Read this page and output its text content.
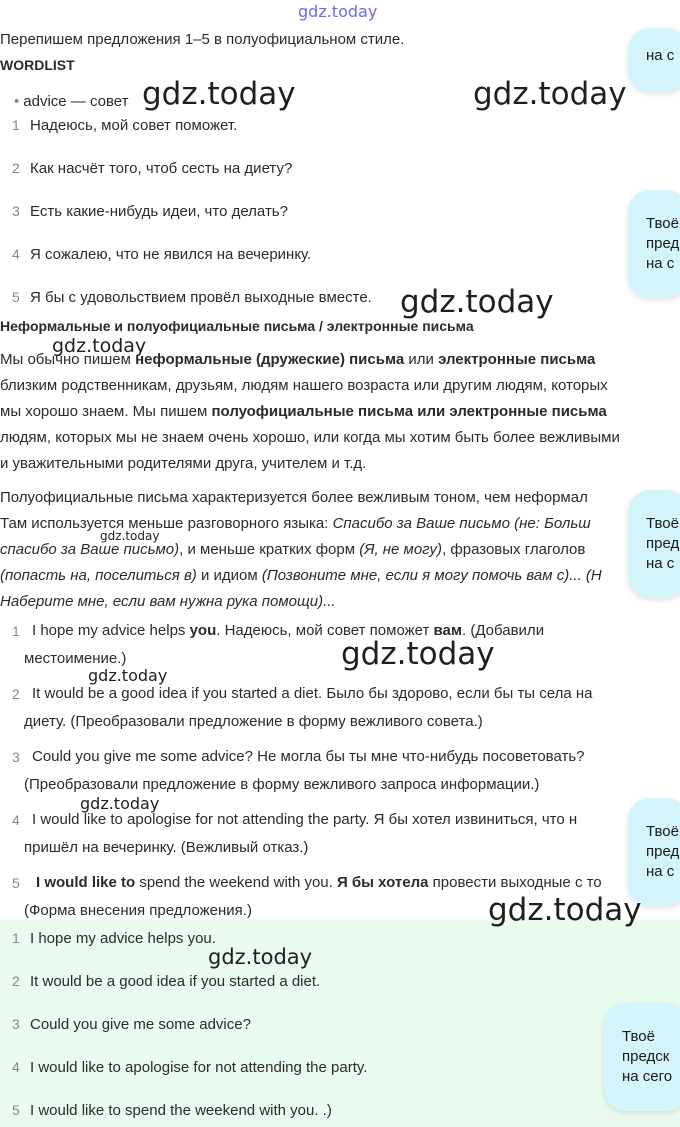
gdz.today
Перепишем предложения 1–5 в полуофициальном стиле.
WORDLIST
• advice — совет
1 Надеюсь, мой совет поможет.
2 Как насчёт того, чтоб сесть на диету?
3 Есть какие-нибудь идеи, что делать?
4 Я сожалею, что не явился на вечеринку.
5 Я бы с удовольствием провёл выходные вместе.
Неформальные и полуофициальные письма / электронные письма
Мы обычно пишем неформальные (дружеские) письма или электронные письма
близким родственникам, друзьям, людям нашего возраста или другим людям, которых
мы хорошо знаем. Мы пишем полуофициальные письма или электронные письма
людям, которых мы не знаем очень хорошо, или когда мы хотим быть более вежливыми
и уважительными родителями друга, учителем и т.д.
Полуофициальные письма характеризуется более вежливым тоном, чем неформал
Там используется меньше разговорного языка: Спасибо за Ваше письмо (не: Больш
спасибо за Ваше письмо), и меньше кратких форм (Я, не могу), фразовых глаголов
(попасть на, поселиться в) и идиом (Позвоните мне, если я могу помочь вам с)... (Н
Наберите мне, если вам нужна рука помощи)...
1 I hope my advice helps you. Надеюсь, мой совет поможет вам. (Добавили
местоимение.)
2 It would be a good idea if you started a diet. Было бы здорово, если бы ты села на
диету. (Преобразовали предложение в форму вежливого совета.)
3 Could you give me some advice? Не могла бы ты мне что-нибудь посоветовать?
(Преобразовали предложение в форму вежливого запроса информации.)
4 I would like to apologise for not attending the party. Я бы хотел извиниться, что н
пришёл на вечеринку. (Вежливый отказ.)
5 I would like to spend the weekend with you. Я бы хотела провести выходные с то
(Форма внесения предложения.)
1 I hope my advice helps you.
2 It would be a good idea if you started a diet.
3 Could you give me some advice?
4 I would like to apologise for not attending the party.
5 I would like to spend the weekend with you. .)
на с
Твоё
пред
на с
Твоё
пред
на с
Твоё
пред
на с
Твоё
предск
на сего
gdz.today	gdz.today
gdz.today
gdz.today
gdz.today
gdz.today
gdz.today
gdz.today
gdz.today
gdz.today
